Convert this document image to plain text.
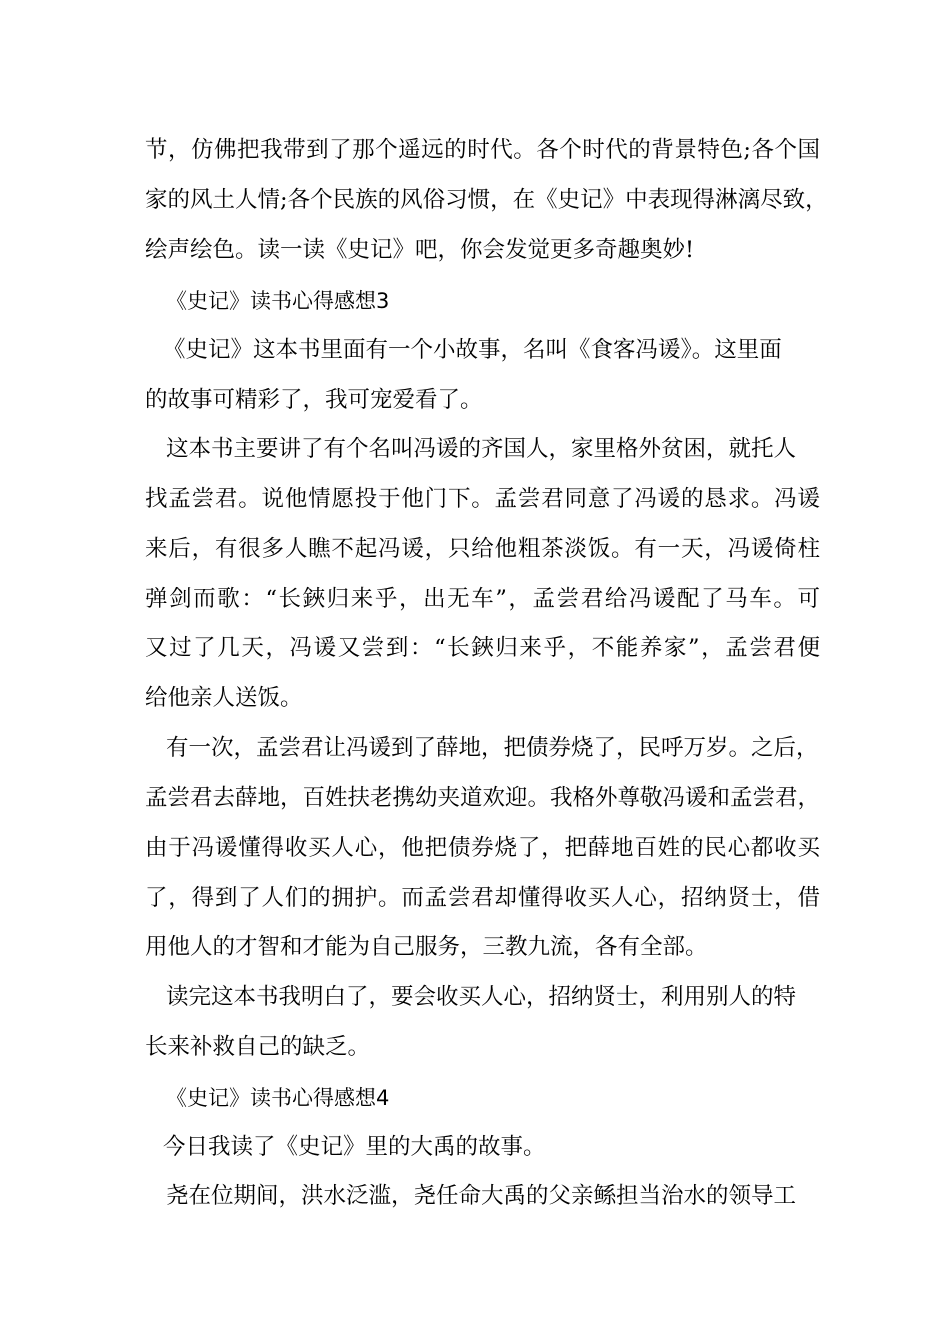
节，仿佛把我带到了那个遥远的时代。各个时代的背景特色;各个国
家的风土人情;各个民族的风俗习惯，在《史记》中表现得淋漓尽致，
绘声绘色。读一读《史记》吧，你会发觉更多奇趣奥妙!
《史记》读书心得感想3
《史记》这本书里面有一个小故事，名叫《食客冯谖》。这里面
的故事可精彩了，我可宠爱看了。
这本书主要讲了有个名叫冯谖的齐国人，家里格外贫困，就托人
找孟尝君。说他情愿投于他门下。孟尝君同意了冯谖的恳求。冯谖
来后，有很多人瞧不起冯谖，只给他粗茶淡饭。有一天，冯谖倚柱
弹剑而歌：“长鋏归来乎，出无车”，孟尝君给冯谖配了马车。可
又过了几天，冯谖又尝到：“长鋏归来乎，不能养家”，孟尝君便
给他亲人送饭。
有一次，孟尝君让冯谖到了薛地，把债券烧了，民呼万岁。之后，
孟尝君去薛地，百姓扶老携幼夹道欢迎。我格外尊敬冯谖和孟尝君，
由于冯谖懂得收买人心，他把债券烧了，把薛地百姓的民心都收买
了，得到了人们的拥护。而孟尝君却懂得收买人心，招纳贤士，借
用他人的才智和才能为自己服务，三教九流，各有全部。
读完这本书我明白了，要会收买人心，招纳贤士，利用别人的特
长来补救自己的缺乏。
《史记》读书心得感想4
今日我读了《史记》里的大禹的故事。
尧在位期间，洪水泛滥，尧任命大禹的父亲鲧担当治水的领导工
